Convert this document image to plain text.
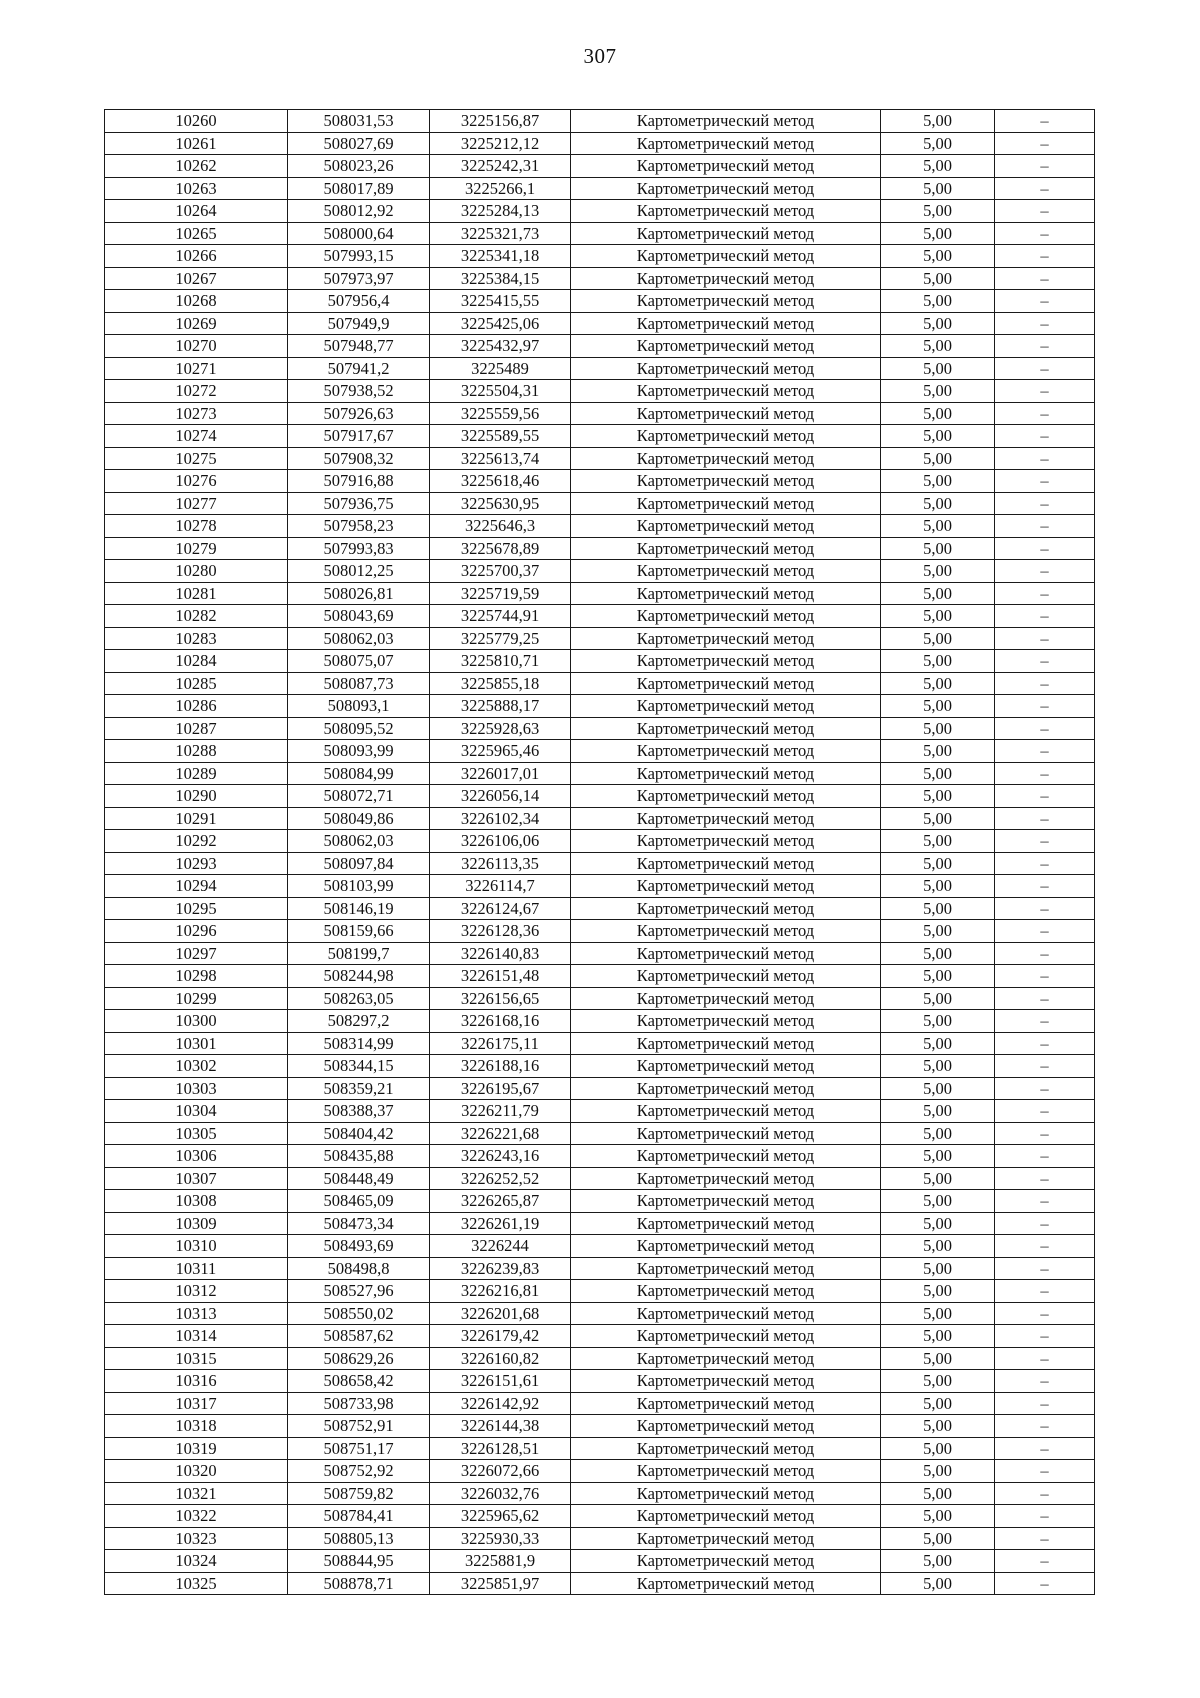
307
10260	508031,53	3225156,87	Картометрический метод	5,00	–
10261	508027,69	3225212,12	Картометрический метод	5,00	–
10262	508023,26	3225242,31	Картометрический метод	5,00	–
10263	508017,89	3225266,1	Картометрический метод	5,00	–
10264	508012,92	3225284,13	Картометрический метод	5,00	–
10265	508000,64	3225321,73	Картометрический метод	5,00	–
10266	507993,15	3225341,18	Картометрический метод	5,00	–
10267	507973,97	3225384,15	Картометрический метод	5,00	–
10268	507956,4	3225415,55	Картометрический метод	5,00	–
10269	507949,9	3225425,06	Картометрический метод	5,00	–
10270	507948,77	3225432,97	Картометрический метод	5,00	–
10271	507941,2	3225489	Картометрический метод	5,00	–
10272	507938,52	3225504,31	Картометрический метод	5,00	–
10273	507926,63	3225559,56	Картометрический метод	5,00	–
10274	507917,67	3225589,55	Картометрический метод	5,00	–
10275	507908,32	3225613,74	Картометрический метод	5,00	–
10276	507916,88	3225618,46	Картометрический метод	5,00	–
10277	507936,75	3225630,95	Картометрический метод	5,00	–
10278	507958,23	3225646,3	Картометрический метод	5,00	–
10279	507993,83	3225678,89	Картометрический метод	5,00	–
10280	508012,25	3225700,37	Картометрический метод	5,00	–
10281	508026,81	3225719,59	Картометрический метод	5,00	–
10282	508043,69	3225744,91	Картометрический метод	5,00	–
10283	508062,03	3225779,25	Картометрический метод	5,00	–
10284	508075,07	3225810,71	Картометрический метод	5,00	–
10285	508087,73	3225855,18	Картометрический метод	5,00	–
10286	508093,1	3225888,17	Картометрический метод	5,00	–
10287	508095,52	3225928,63	Картометрический метод	5,00	–
10288	508093,99	3225965,46	Картометрический метод	5,00	–
10289	508084,99	3226017,01	Картометрический метод	5,00	–
10290	508072,71	3226056,14	Картометрический метод	5,00	–
10291	508049,86	3226102,34	Картометрический метод	5,00	–
10292	508062,03	3226106,06	Картометрический метод	5,00	–
10293	508097,84	3226113,35	Картометрический метод	5,00	–
10294	508103,99	3226114,7	Картометрический метод	5,00	–
10295	508146,19	3226124,67	Картометрический метод	5,00	–
10296	508159,66	3226128,36	Картометрический метод	5,00	–
10297	508199,7	3226140,83	Картометрический метод	5,00	–
10298	508244,98	3226151,48	Картометрический метод	5,00	–
10299	508263,05	3226156,65	Картометрический метод	5,00	–
10300	508297,2	3226168,16	Картометрический метод	5,00	–
10301	508314,99	3226175,11	Картометрический метод	5,00	–
10302	508344,15	3226188,16	Картометрический метод	5,00	–
10303	508359,21	3226195,67	Картометрический метод	5,00	–
10304	508388,37	3226211,79	Картометрический метод	5,00	–
10305	508404,42	3226221,68	Картометрический метод	5,00	–
10306	508435,88	3226243,16	Картометрический метод	5,00	–
10307	508448,49	3226252,52	Картометрический метод	5,00	–
10308	508465,09	3226265,87	Картометрический метод	5,00	–
10309	508473,34	3226261,19	Картометрический метод	5,00	–
10310	508493,69	3226244	Картометрический метод	5,00	–
10311	508498,8	3226239,83	Картометрический метод	5,00	–
10312	508527,96	3226216,81	Картометрический метод	5,00	–
10313	508550,02	3226201,68	Картометрический метод	5,00	–
10314	508587,62	3226179,42	Картометрический метод	5,00	–
10315	508629,26	3226160,82	Картометрический метод	5,00	–
10316	508658,42	3226151,61	Картометрический метод	5,00	–
10317	508733,98	3226142,92	Картометрический метод	5,00	–
10318	508752,91	3226144,38	Картометрический метод	5,00	–
10319	508751,17	3226128,51	Картометрический метод	5,00	–
10320	508752,92	3226072,66	Картометрический метод	5,00	–
10321	508759,82	3226032,76	Картометрический метод	5,00	–
10322	508784,41	3225965,62	Картометрический метод	5,00	–
10323	508805,13	3225930,33	Картометрический метод	5,00	–
10324	508844,95	3225881,9	Картометрический метод	5,00	–
10325	508878,71	3225851,97	Картометрический метод	5,00	–
